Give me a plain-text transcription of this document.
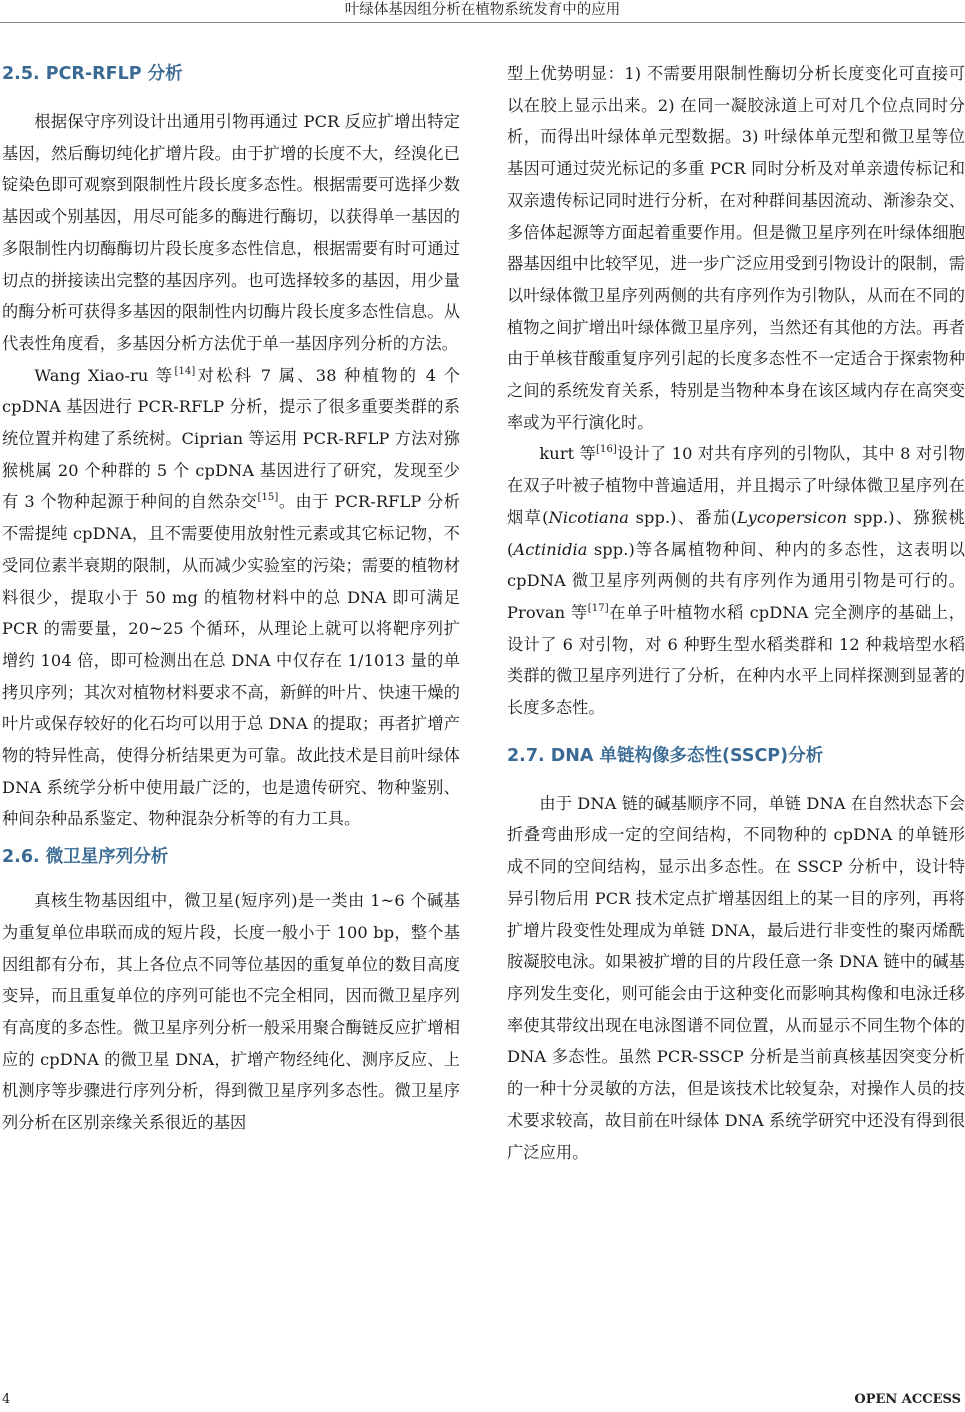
叶绿体基因组分析在植物系统发育中的应用
2.5. PCR-RFLP 分析

根据保守序列设计出通用引物再通过 PCR 反应扩增出特定基因，然后酶切纯化扩增片段。由于扩增的长度不大，经溴化已锭染色即可观察到限制性片段长度多态性。根据需要可选择少数基因或个别基因，用尽可能多的酶进行酶切，以获得单一基因的多限制性内切酶酶切片段长度多态性信息，根据需要有时可通过切点的拼接读出完整的基因序列。也可选择较多的基因，用少量的酶分析可获得多基因的限制性内切酶片段长度多态性信息。从代表性角度看，多基因分析方法优于单一基因序列分析的方法。

Wang Xiao-ru 等[14]对松科 7 属、38 种植物的 4 个 cpDNA 基因进行 PCR-RFLP 分析，提示了很多重要类群的系统位置并构建了系统树。Ciprian 等运用 PCR-RFLP 方法对猕猴桃属 20 个种群的 5 个 cpDNA 基因进行了研究，发现至少有 3 个物种起源于种间的自然杂交[15]。由于 PCR-RFLP 分析不需提纯 cpDNA，且不需要使用放射性元素或其它标记物，不受同位素半衰期的限制，从而减少实验室的污染；需要的植物材料很少，提取小于 50 mg 的植物材料中的总 DNA 即可满足 PCR 的需要量，20~25 个循环，从理论上就可以将靶序列扩增约 104 倍，即可检测出在总 DNA 中仅存在 1/1013 量的单拷贝序列；其次对植物材料要求不高，新鲜的叶片、快速干燥的叶片或保存较好的化石均可以用于总 DNA 的提取；再者扩增产物的特异性高，使得分析结果更为可靠。故此技术是目前叶绿体 DNA 系统学分析中使用最广泛的，也是遗传研究、物种鉴别、种间杂种品系鉴定、物种混杂分析等的有力工具。

2.6. 微卫星序列分析

真核生物基因组中，微卫星(短序列)是一类由 1~6 个碱基为重复单位串联而成的短片段，长度一般小于 100 bp，整个基因组都有分布，其上各位点不同等位基因的重复单位的数目高度变异，而且重复单位的序列可能也不完全相同，因而微卫星序列有高度的多态性。微卫星序列分析一般采用聚合酶链反应扩增相应的 cpDNA 的微卫星 DNA，扩增产物经纯化、测序反应、上机测序等步骤进行序列分析，得到微卫星序列多态性。微卫星序列分析在区别亲缘关系很近的基因

型上优势明显：1) 不需要用限制性酶切分析长度变化可直接可以在胶上显示出来。2) 在同一凝胶泳道上可对几个位点同时分析，而得出叶绿体单元型数据。3) 叶绿体单元型和微卫星等位基因可通过荧光标记的多重 PCR 同时分析及对单亲遗传标记和双亲遗传标记同时进行分析，在对种群间基因流动、渐渗杂交、多倍体起源等方面起着重要作用。但是微卫星序列在叶绿体细胞器基因组中比较罕见，进一步广泛应用受到引物设计的限制，需以叶绿体微卫星序列两侧的共有序列作为引物队，从而在不同的植物之间扩增出叶绿体微卫星序列，当然还有其他的方法。再者由于单核苷酸重复序列引起的长度多态性不一定适合于探索物种之间的系统发育关系，特别是当物种本身在该区域内存在高突变率或为平行演化时。

kurt 等[16]设计了 10 对共有序列的引物队，其中 8 对引物在双子叶被子植物中普遍适用，并且揭示了叶绿体微卫星序列在烟草(Nicotiana spp.)、番茄(Lycopersicon spp.)、猕猴桃(Actinidia spp.)等各属植物种间、种内的多态性，这表明以 cpDNA 微卫星序列两侧的共有序列作为通用引物是可行的。Provan 等[17]在单子叶植物水稻 cpDNA 完全测序的基础上，设计了 6 对引物，对 6 种野生型水稻类群和 12 种栽培型水稻类群的微卫星序列进行了分析，在种内水平上同样探测到显著的长度多态性。

2.7. DNA 单链构像多态性(SSCP)分析

由于 DNA 链的碱基顺序不同，单链 DNA 在自然状态下会折叠弯曲形成一定的空间结构，不同物种的 cpDNA 的单链形成不同的空间结构，显示出多态性。在 SSCP 分析中，设计特异引物后用 PCR 技术定点扩增基因组上的某一目的序列，再将扩增片段变性处理成为单链 DNA，最后进行非变性的聚丙烯酰胺凝胶电泳。如果被扩增的目的片段任意一条 DNA 链中的碱基序列发生变化，则可能会由于这种变化而影响其构像和电泳迁移率使其带纹出现在电泳图谱不同位置，从而显示不同生物个体的 DNA 多态性。虽然 PCR-SSCP 分析是当前真核基因突变分析的一种十分灵敏的方法，但是该技术比较复杂，对操作人员的技术要求较高，故目前在叶绿体 DNA 系统学研究中还没有得到很广泛应用。

4	OPEN ACCESS
